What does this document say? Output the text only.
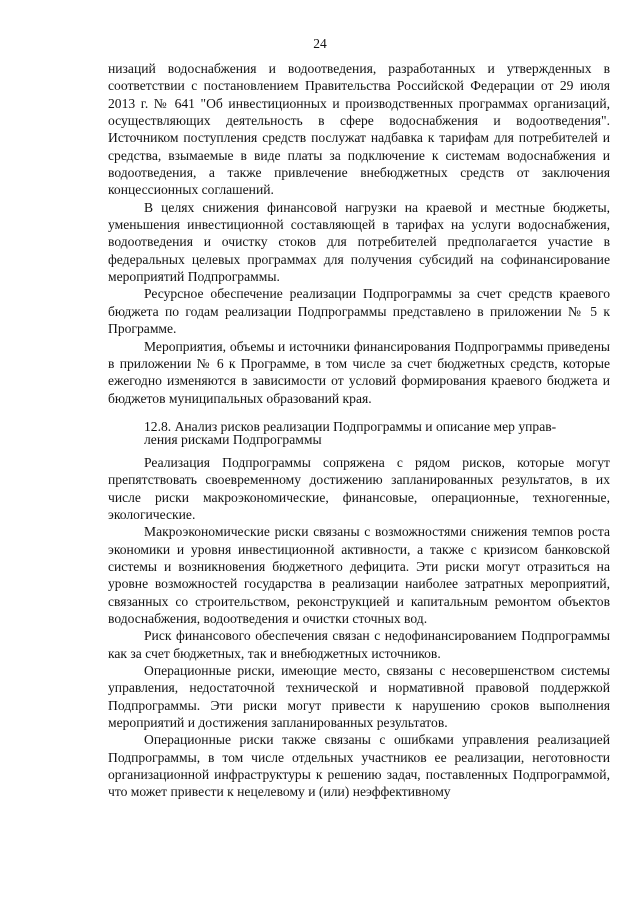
24

низаций водоснабжения и водоотведения, разработанных и утвержденных в соответствии с постановлением Правительства Российской Федерации от 29 июля 2013 г. № 641 "Об инвестиционных и производственных программах организаций, осуществляющих деятельность в сфере водоснабжения и водоотведения". Источником поступления средств послужат надбавка к тарифам для потребителей и средства, взымаемые в виде платы за подключение к системам водоснабжения и водоотведения, а также привлечение внебюджетных средств от заключения концессионных соглашений.

В целях снижения финансовой нагрузки на краевой и местные бюджеты, уменьшения инвестиционной составляющей в тарифах на услуги водоснабжения, водоотведения и очистку стоков для потребителей предполагается участие в федеральных целевых программах для получения субсидий на софинансирование мероприятий Подпрограммы.

Ресурсное обеспечение реализации Подпрограммы за счет средств краевого бюджета по годам реализации Подпрограммы представлено в приложении № 5 к Программе.

Мероприятия, объемы и источники финансирования Подпрограммы приведены в приложении № 6 к Программе, в том числе за счет бюджетных средств, которые ежегодно изменяются в зависимости от условий формирования краевого бюджета и бюджетов муниципальных образований края.

12.8. Анализ рисков реализации Подпрограммы и описание мер управ-
ления рисками Подпрограммы

Реализация Подпрограммы сопряжена с рядом рисков, которые могут препятствовать своевременному достижению запланированных результатов, в их числе риски макроэкономические, финансовые, операционные, техногенные, экологические.

Макроэкономические риски связаны с возможностями снижения темпов роста экономики и уровня инвестиционной активности, а также с кризисом банковской системы и возникновения бюджетного дефицита. Эти риски могут отразиться на уровне возможностей государства в реализации наиболее затратных мероприятий, связанных со строительством, реконструкцией и капитальным ремонтом объектов водоснабжения, водоотведения и очистки сточных вод.

Риск финансового обеспечения связан с недофинансированием Подпрограммы как за счет бюджетных, так и внебюджетных источников.

Операционные риски, имеющие место, связаны с несовершенством системы управления, недостаточной технической и нормативной правовой поддержкой Подпрограммы. Эти риски могут привести к нарушению сроков выполнения мероприятий и достижения запланированных результатов.

Операционные риски также связаны с ошибками управления реализацией Подпрограммы, в том числе отдельных участников ее реализации, неготовности организационной инфраструктуры к решению задач, поставленных Подпрограммой, что может привести к нецелевому и (или) неэффективному
